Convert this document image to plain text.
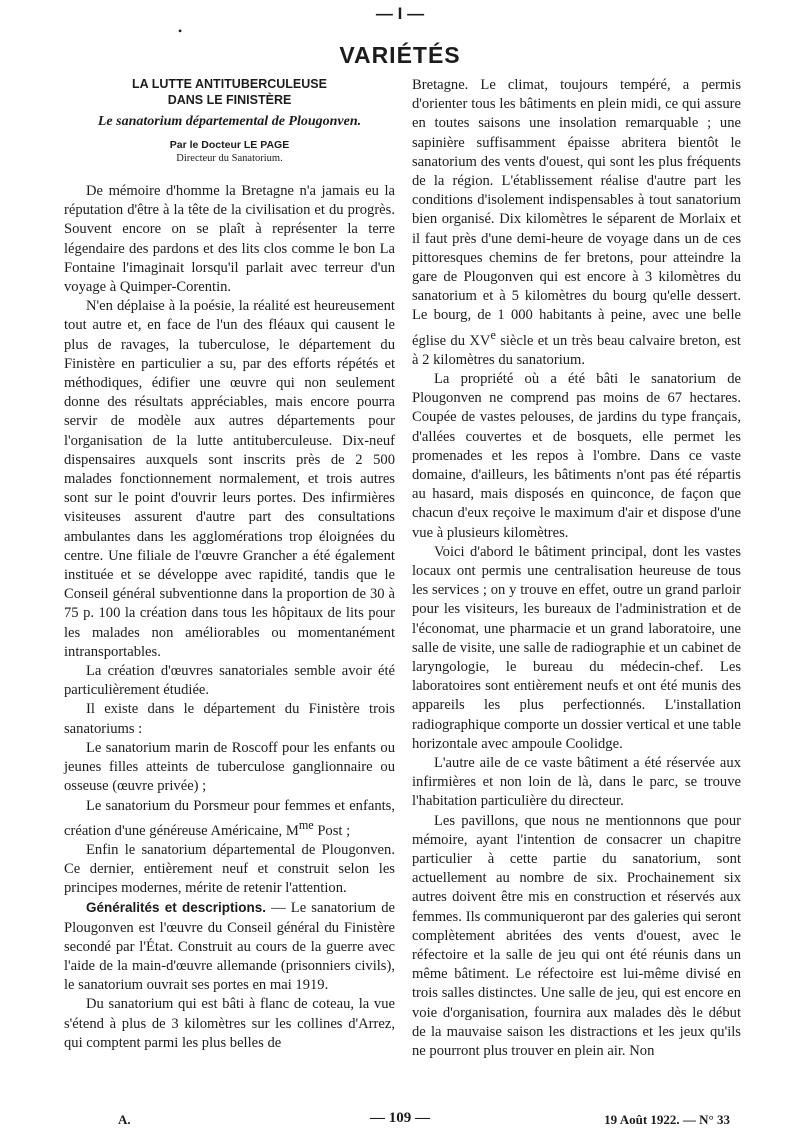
— I —
•
VARIÉTÉS
LA LUTTE ANTITUBERCULEUSE
DANS LE FINISTÈRE
Le sanatorium départemental de Plougonven.
Par le Docteur LE PAGE
Directeur du Sanatorium.

De mémoire d'homme la Bretagne n'a jamais eu la réputation d'être à la tête de la civilisation et du progrès. Souvent encore on se plaît à représenter la terre légendaire des pardons et des lits clos comme le bon La Fontaine l'imaginait lorsqu'il parlait avec terreur d'un voyage à Quimper-Corentin.

N'en déplaise à la poésie, la réalité est heureusement tout autre et, en face de l'un des fléaux qui causent le plus de ravages, la tuberculose, le département du Finistère en particulier a su, par des efforts répétés et méthodiques, édifier une œuvre qui non seulement donne des résultats appréciables, mais encore pourra servir de modèle aux autres départements pour l'organisation de la lutte antituberculeuse. Dix-neuf dispensaires auxquels sont inscrits près de 2 500 malades fonctionnement normalement, et trois autres sont sur le point d'ouvrir leurs portes. Des infirmières visiteuses assurent d'autre part des consultations ambulantes dans les agglomérations trop éloignées du centre. Une filiale de l'œuvre Grancher a été également instituée et se développe avec rapidité, tandis que le Conseil général subventionne dans la proportion de 30 à 75 p. 100 la création dans tous les hôpitaux de lits pour les malades non améliorables ou momentanément intransportables.

La création d'œuvres sanatoriales semble avoir été particulièrement étudiée.

Il existe dans le département du Finistère trois sanatoriums :

Le sanatorium marin de Roscoff pour les enfants ou jeunes filles atteints de tuberculose ganglionnaire ou osseuse (œuvre privée) ;

Le sanatorium du Porsmeur pour femmes et enfants, création d'une généreuse Américaine, $M^{me}$ Post ;

Enfin le sanatorium départemental de Plougonven. Ce dernier, entièrement neuf et construit selon les principes modernes, mérite de retenir l'attention.

Généralités et descriptions. — Le sanatorium de Plougonven est l'œuvre du Conseil général du Finistère secondé par l'État. Construit au cours de la guerre avec l'aide de la main-d'œuvre allemande (prisonniers civils), le sanatorium ouvrait ses portes en mai 1919.

Du sanatorium qui est bâti à flanc de coteau, la vue s'étend à plus de 3 kilomètres sur les collines d'Arrez, qui comptent parmi les plus belles de

Bretagne. Le climat, toujours tempéré, a permis d'orienter tous les bâtiments en plein midi, ce qui assure en toutes saisons une insolation remarquable ; une sapinière suffisamment épaisse abritera bientôt le sanatorium des vents d'ouest, qui sont les plus fréquents de la région. L'établissement réalise d'autre part les conditions d'isolement indispensables à tout sanatorium bien organisé. Dix kilomètres le séparent de Morlaix et il faut près d'une demi-heure de voyage dans un de ces pittoresques chemins de fer bretons, pour atteindre la gare de Plougonven qui est encore à 3 kilomètres du sanatorium et à 5 kilomètres du bourg qu'elle dessert. Le bourg, de 1 000 habitants à peine, avec une belle église du XVe siècle et un très beau calvaire breton, est à 2 kilomètres du sanatorium.

La propriété où a été bâti le sanatorium de Plougonven ne comprend pas moins de 67 hectares. Coupée de vastes pelouses, de jardins du type français, d'allées couvertes et de bosquets, elle permet les promenades et les repos à l'ombre. Dans ce vaste domaine, d'ailleurs, les bâtiments n'ont pas été répartis au hasard, mais disposés en quinconce, de façon que chacun d'eux reçoive le maximum d'air et dispose d'une vue à plusieurs kilomètres.

Voici d'abord le bâtiment principal, dont les vastes locaux ont permis une centralisation heureuse de tous les services ; on y trouve en effet, outre un grand parloir pour les visiteurs, les bureaux de l'administration et de l'économat, une pharmacie et un grand laboratoire, une salle de visite, une salle de radiographie et un cabinet de laryngologie, le bureau du médecin-chef. Les laboratoires sont entièrement neufs et ont été munis des appareils les plus perfectionnés. L'installation radiographique comporte un dossier vertical et une table horizontale avec ampoule Coolidge.

L'autre aile de ce vaste bâtiment a été réservée aux infirmières et non loin de là, dans le parc, se trouve l'habitation particulière du directeur.

Les pavillons, que nous ne mentionnons que pour mémoire, ayant l'intention de consacrer un chapitre particulier à cette partie du sanatorium, sont actuellement au nombre de six. Prochainement six autres doivent être mis en construction et réservés aux femmes. Ils communiqueront par des galeries qui seront complètement abritées des vents d'ouest, avec le réfectoire et la salle de jeu qui ont été réunis dans un même bâtiment. Le réfectoire est lui-même divisé en trois salles distinctes. Une salle de jeu, qui est encore en voie d'organisation, fournira aux malades dès le début de la mauvaise saison les distractions et les jeux qu'ils ne pourront plus trouver en plein air. Non

A.	— 109 —	19 Août 1922. — N° 33
